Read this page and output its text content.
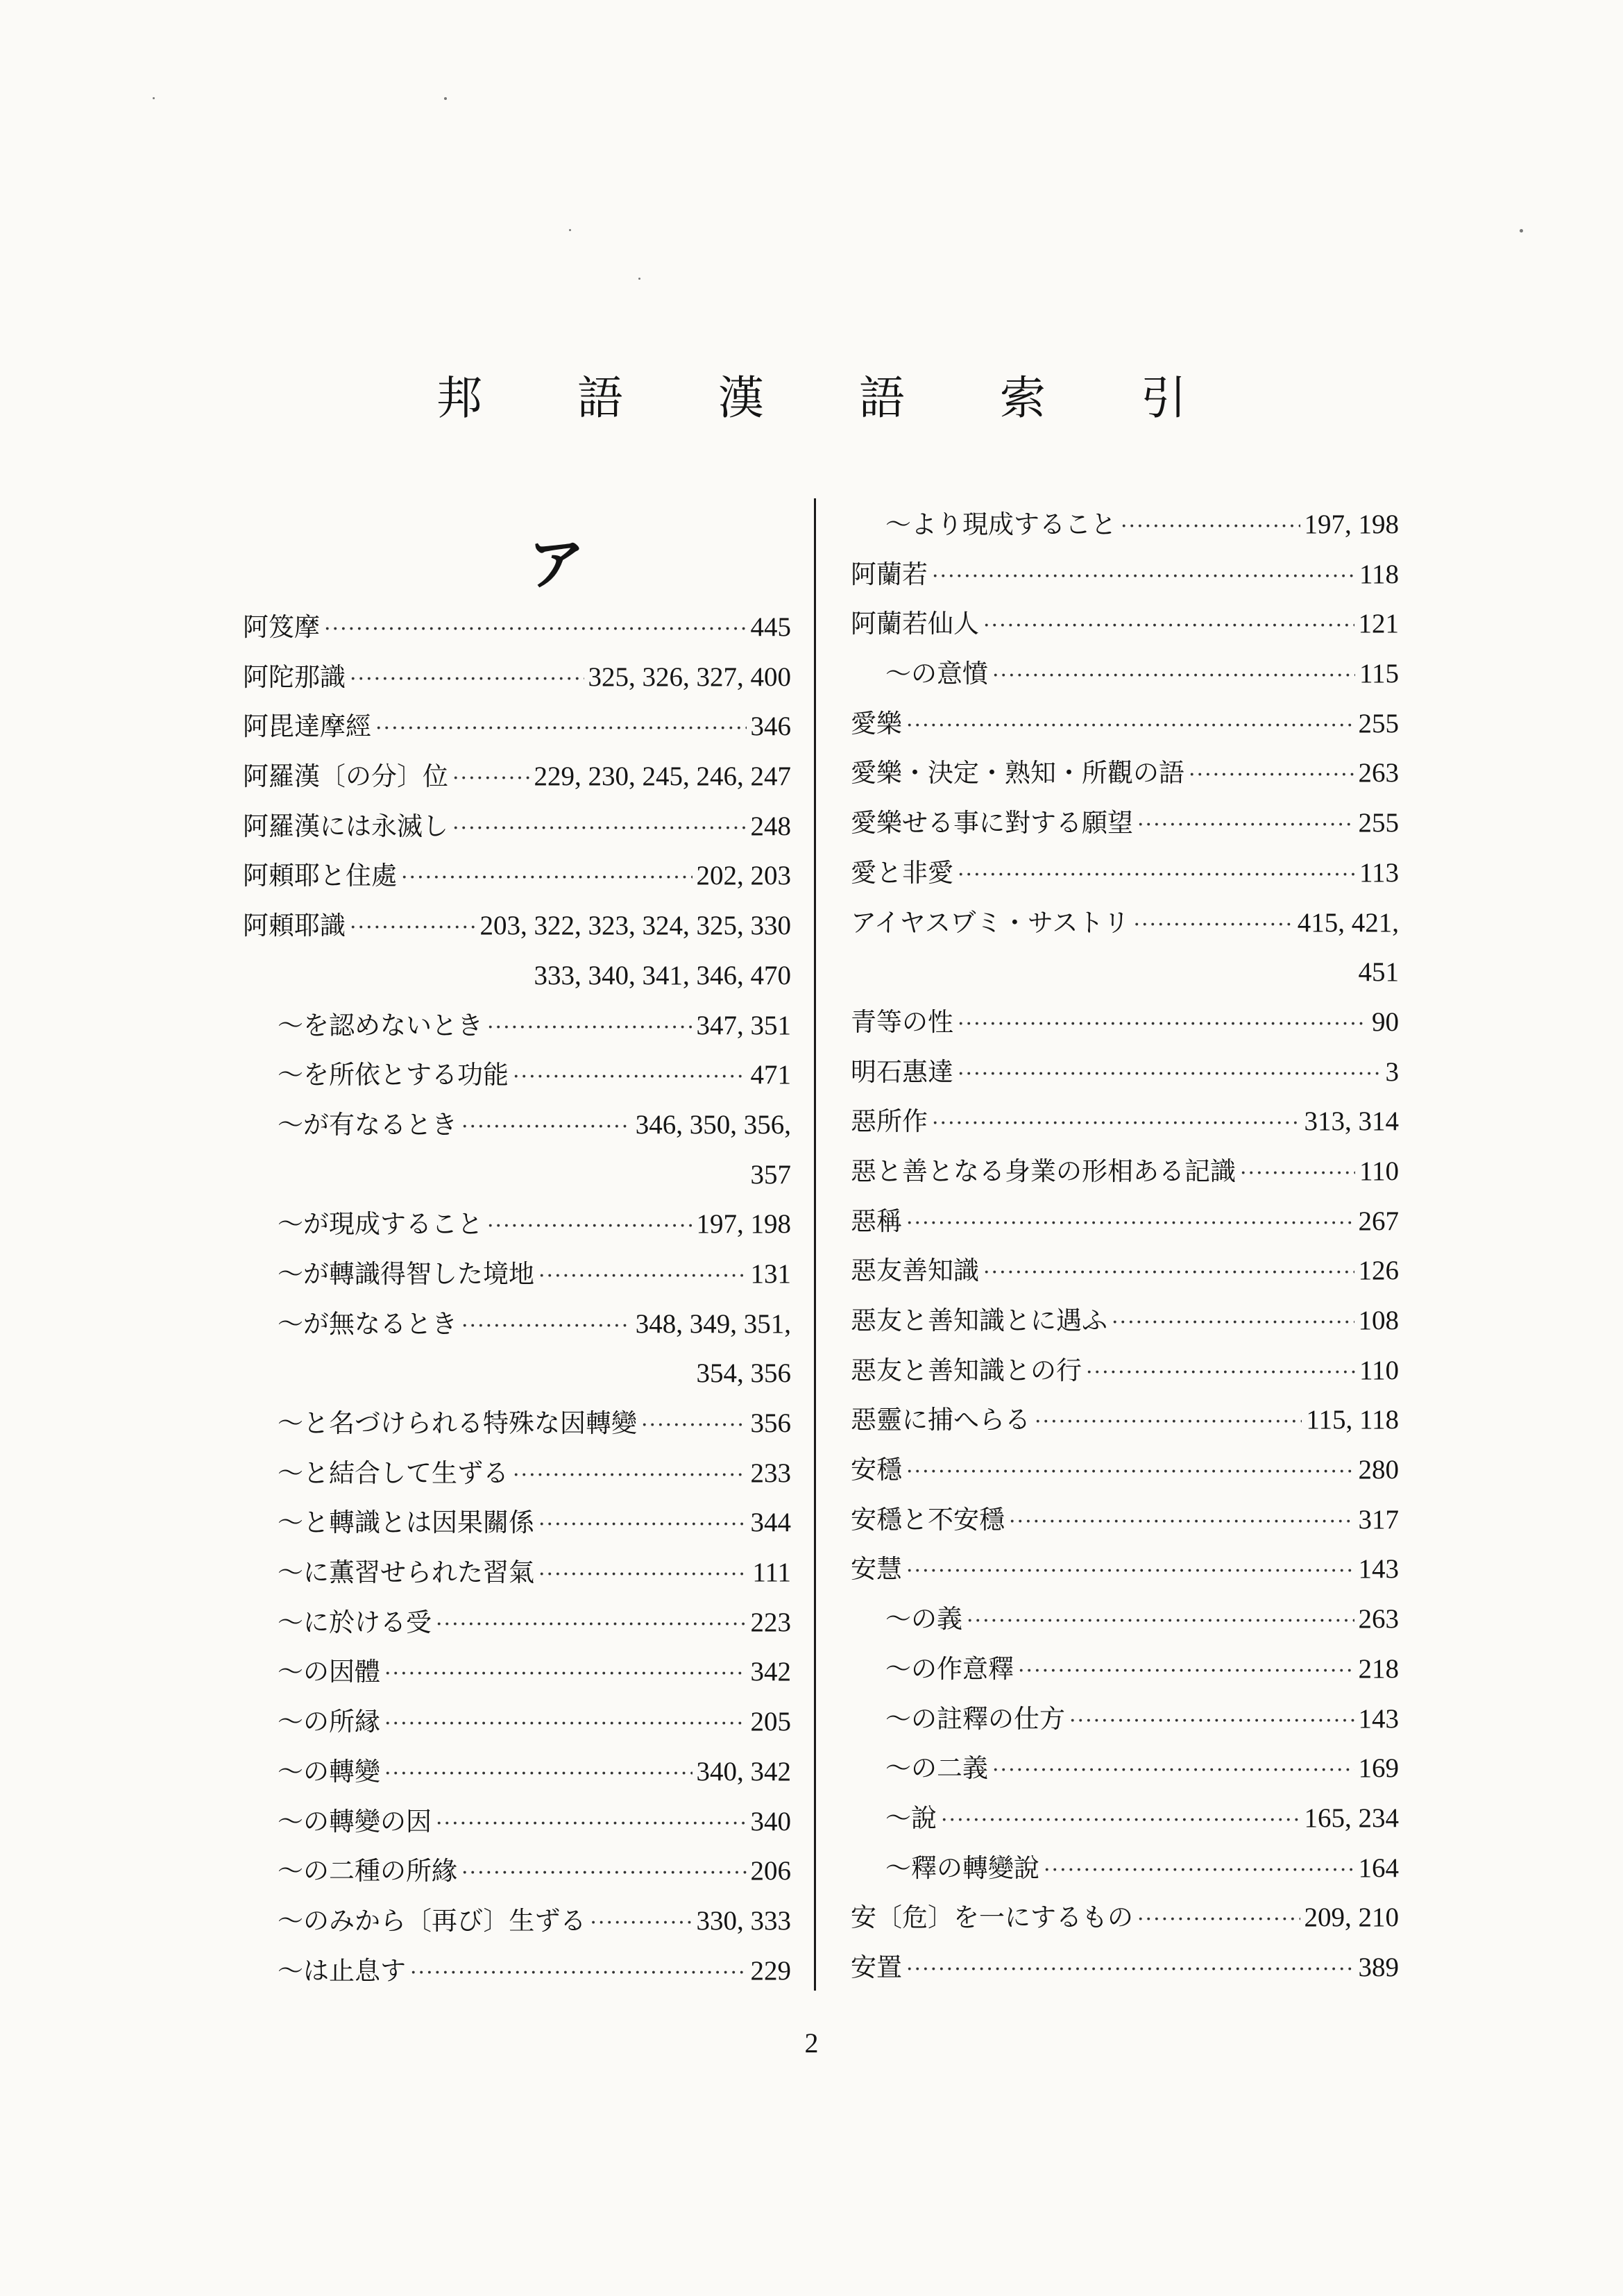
邦 語 漢 語 索 引
ア
阿笈摩 ·····	445
阿陀那識 ·····	325, 326, 327, 400
阿毘達摩經 ·····	346
阿羅漢〔の分〕位 ·····	229, 230, 245, 246, 247
阿羅漢には永滅し ·····	248
阿頼耶と住處 ·····	202, 203
阿頼耶識 ·····	203, 322, 323, 324, 325, 330
333, 340, 341, 346, 470
～を認めないとき ·····	347, 351
～を所依とする功能 ·····	471
～が有なるとき ·····	346, 350, 356,
357
～が現成すること ·····	197, 198
～が轉識得智した境地 ·····	131
～が無なるとき ·····	348, 349, 351,
354, 356
～と名づけられる特殊な因轉變 ·····	356
～と結合して生ずる ·····	233
～と轉識とは因果關係 ·····	344
～に薫習せられた習氣 ·····	111
～に於ける受 ·····	223
～の因體 ·····	342
～の所縁 ·····	205
～の轉變 ·····	340, 342
～の轉變の因 ·····	340
～の二種の所緣 ·····	206
～のみから〔再び〕生ずる ·····	330, 333
～は止息す ·····	229
～より現成すること ·····	197, 198
阿蘭若 ·····	118
阿蘭若仙人 ·····	121
～の意憤 ·····	115
愛樂 ·····	255
愛樂・決定・熟知・所觀の語 ·····	263
愛樂せる事に對する願望 ·····	255
愛と非愛 ·····	113
アイヤスヷミ・サストリ ·····	415, 421,
451
青等の性 ·····	90
明石惠達 ·····	3
惡所作 ·····	313, 314
惡と善となる身業の形相ある記識 ·····	110
惡稱 ·····	267
惡友善知識 ·····	126
惡友と善知識とに遇ふ ·····	108
惡友と善知識との行 ·····	110
惡靈に捕へらる ·····	115, 118
安穩 ·····	280
安穩と不安穩 ·····	317
安慧 ·····	143
～の義 ·····	263
～の作意釋 ·····	218
～の註釋の仕方 ·····	143
～の二義 ·····	169
～說 ·····	165, 234
～釋の轉變說 ·····	164
安〔危〕を一にするもの ·····	209, 210
安置 ·····	389
2
